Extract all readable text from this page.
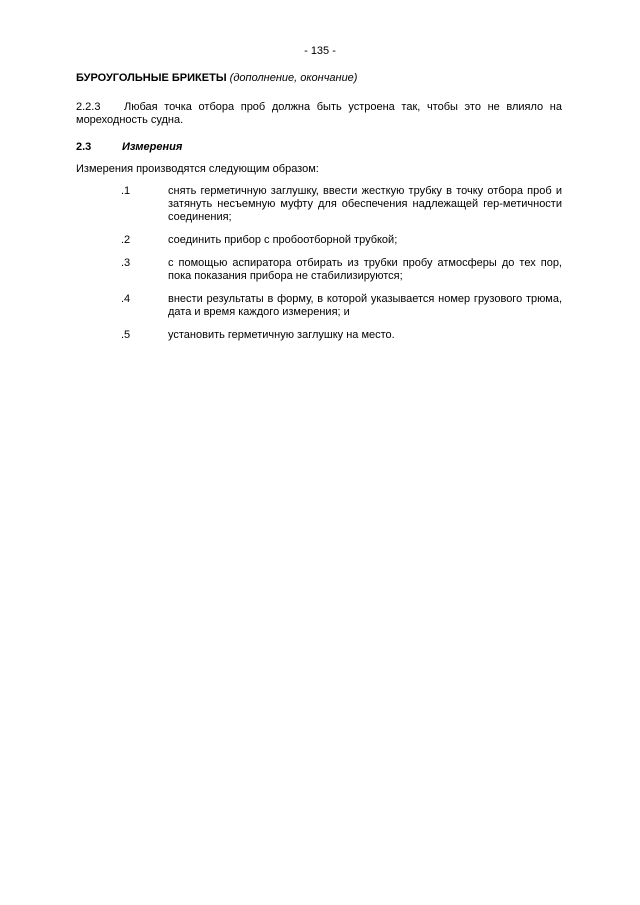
- 135 -
БУРОУГОЛЬНЫЕ БРИКЕТЫ (дополнение, окончание)
2.2.3 Любая точка отбора проб должна быть устроена так, чтобы это не влияло на мореходность судна.
2.3	Измерения
Измерения производятся следующим образом:
.1	снять герметичную заглушку, ввести жесткую трубку в точку отбора проб и затянуть несъемную муфту для обеспечения надлежащей гер-метичности соединения;
.2	соединить прибор с пробоотборной трубкой;
.3	с помощью аспиратора отбирать из трубки пробу атмосферы до тех пор, пока показания прибора не стабилизируются;
.4	внести результаты в форму, в которой указывается номер грузового трюма, дата и время каждого измерения; и
.5	установить герметичную заглушку на место.
